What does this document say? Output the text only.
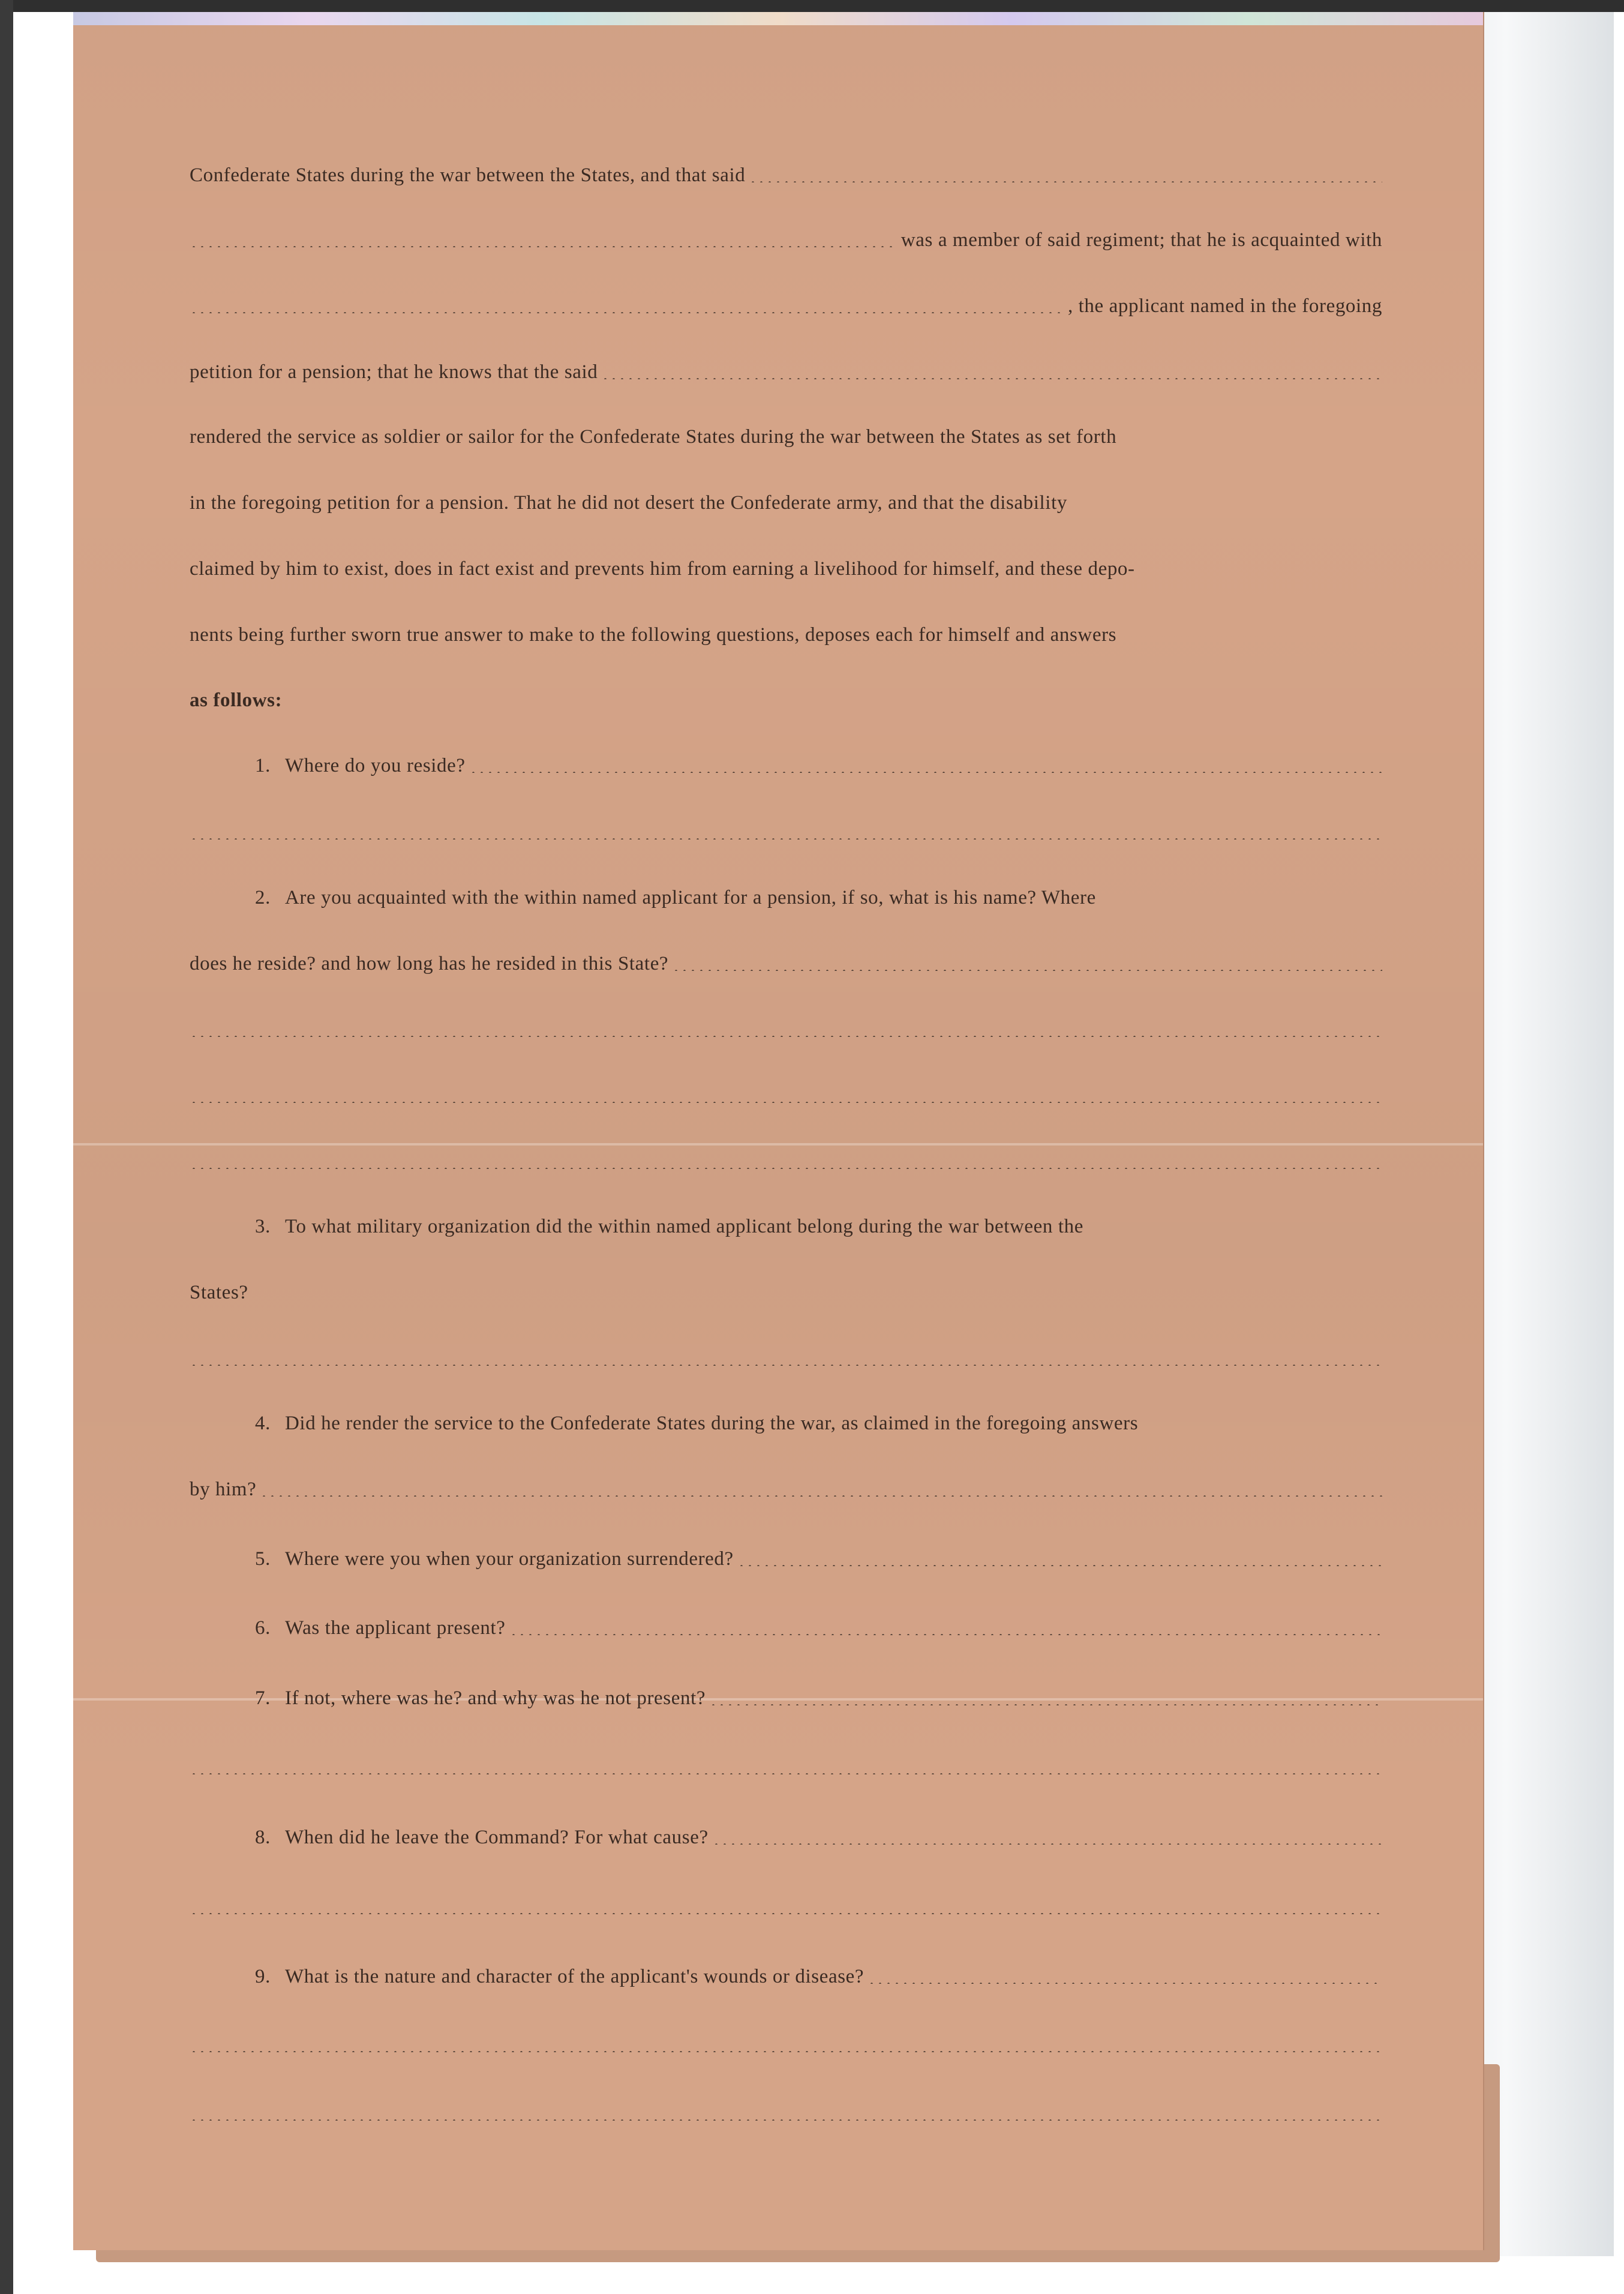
Confederate States during the war between the States, and that said
was a member of said regiment; that he is acquainted with
, the applicant named in the foregoing
petition for a pension; that he knows that the said
rendered the service as soldier or sailor for the Confederate States during the war between the States as set forth
in the foregoing petition for a pension. That he did not desert the Confederate army, and that the disability
claimed by him to exist, does in fact exist and prevents him from earning a livelihood for himself, and these depo-
nents being further sworn true answer to make to the following questions, deposes each for himself and answers
as follows:
1. Where do you reside?
2. Are you acquainted with the within named applicant for a pension, if so, what is his name? Where
does he reside? and how long has he resided in this State?
3. To what military organization did the within named applicant belong during the war between the
States?
4. Did he render the service to the Confederate States during the war, as claimed in the foregoing answers
by him?
5. Where were you when your organization surrendered?
6. Was the applicant present?
7. If not, where was he? and why was he not present?
8. When did he leave the Command? For what cause?
9. What is the nature and character of the applicant's wounds or disease?
